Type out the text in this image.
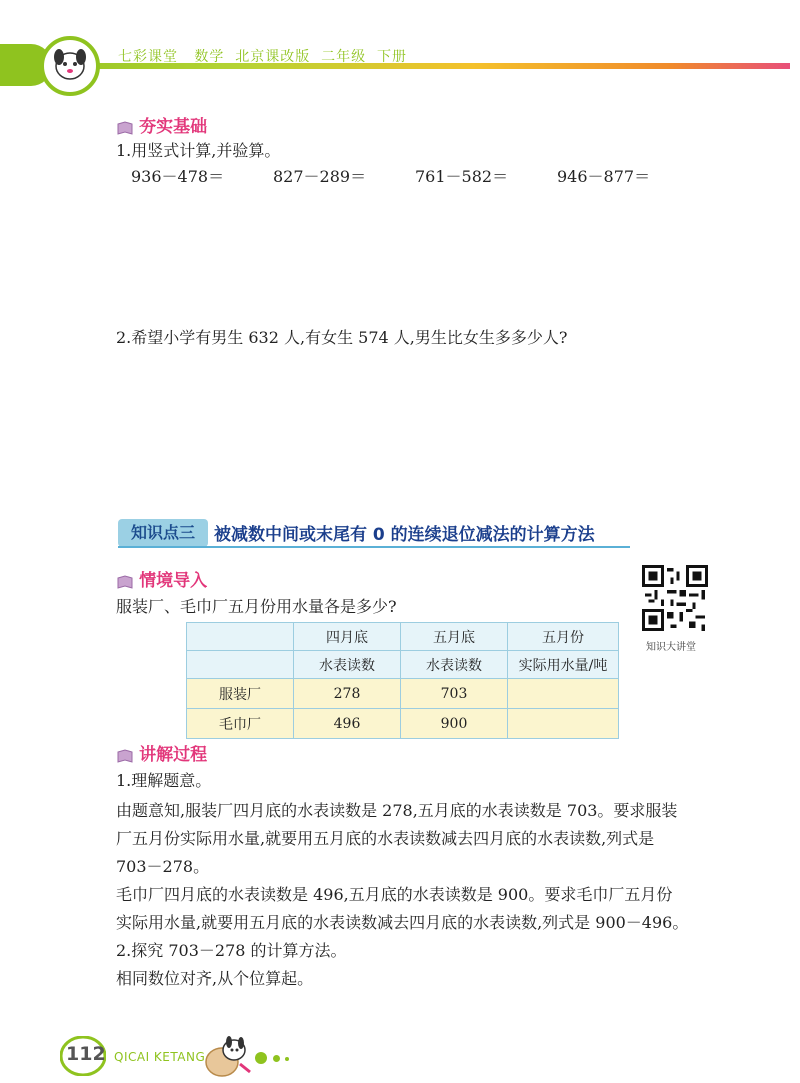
七彩课堂   数学  北京课改版  二年级  下册
夯实基础
1.用竖式计算,并验算。
936－478＝	827－289＝	761－582＝	946－877＝
2.希望小学有男生 632 人,有女生 574 人,男生比女生多多少人?
知识点三	被减数中间或末尾有 0 的连续退位减法的计算方法
情境导入
服装厂、毛巾厂五月份用水量各是多少?
知识大讲堂
	四月底	五月底	五月份
	水表读数	水表读数	实际用水量/吨
服装厂	278	703	
毛巾厂	496	900	
讲解过程
1.理解题意。
由题意知,服装厂四月底的水表读数是 278,五月底的水表读数是 703。要求服装
厂五月份实际用水量,就要用五月底的水表读数减去四月底的水表读数,列式是
703－278。
毛巾厂四月底的水表读数是 496,五月底的水表读数是 900。要求毛巾厂五月份
实际用水量,就要用五月底的水表读数减去四月底的水表读数,列式是 900－496。
2.探究 703－278 的计算方法。
相同数位对齐,从个位算起。
112 QICAI KETANG
